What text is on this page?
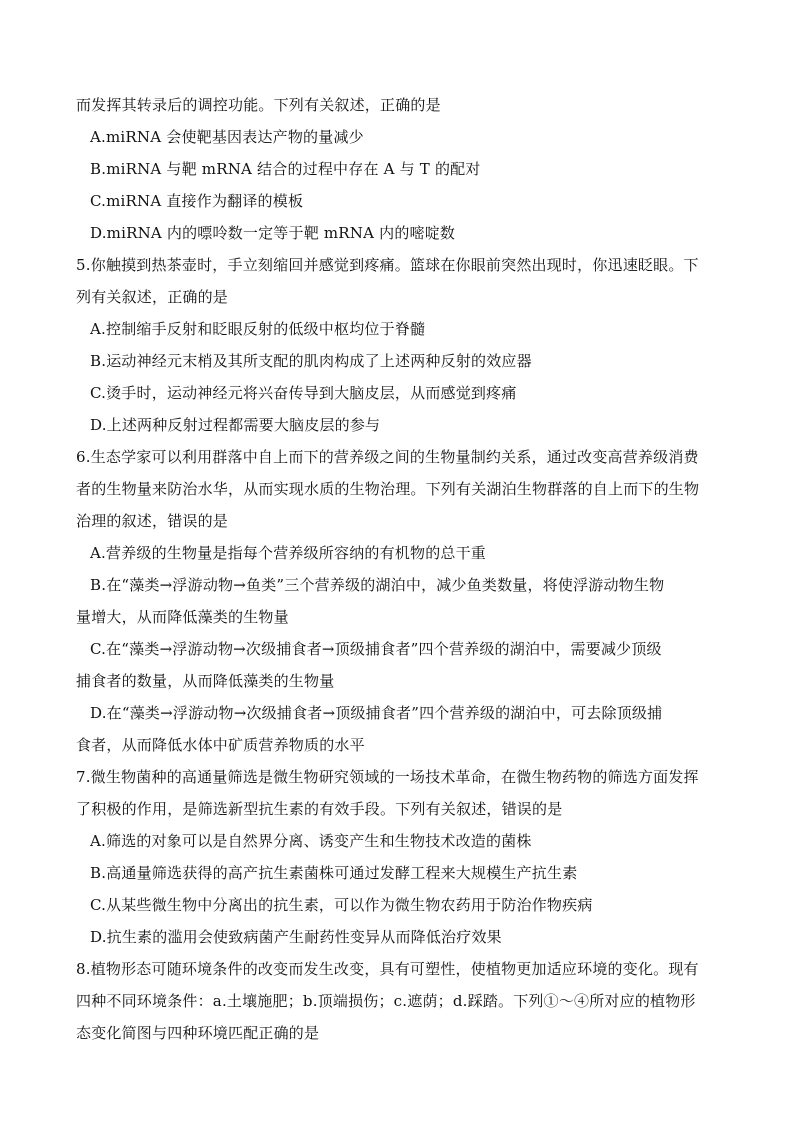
而发挥其转录后的调控功能。下列有关叙述，正确的是
A.miRNA 会使靶基因表达产物的量减少
B.miRNA 与靶 mRNA 结合的过程中存在 A 与 T 的配对
C.miRNA 直接作为翻译的模板
D.miRNA 内的嘌呤数一定等于靶 mRNA 内的嘧啶数
5.你触摸到热茶壶时，手立刻缩回并感觉到疼痛。篮球在你眼前突然出现时，你迅速眨眼。下
列有关叙述，正确的是
A.控制缩手反射和眨眼反射的低级中枢均位于脊髓
B.运动神经元末梢及其所支配的肌肉构成了上述两种反射的效应器
C.烫手时，运动神经元将兴奋传导到大脑皮层，从而感觉到疼痛
D.上述两种反射过程都需要大脑皮层的参与
6.生态学家可以利用群落中自上而下的营养级之间的生物量制约关系，通过改变高营养级消费
者的生物量来防治水华，从而实现水质的生物治理。下列有关湖泊生物群落的自上而下的生物
治理的叙述，错误的是
A.营养级的生物量是指每个营养级所容纳的有机物的总干重
B.在“藻类→浮游动物→鱼类”三个营养级的湖泊中，减少鱼类数量，将使浮游动物生物
量增大，从而降低藻类的生物量
C.在“藻类→浮游动物→次级捕食者→顶级捕食者”四个营养级的湖泊中，需要减少顶级
捕食者的数量，从而降低藻类的生物量
D.在“藻类→浮游动物→次级捕食者→顶级捕食者”四个营养级的湖泊中，可去除顶级捕
食者，从而降低水体中矿质营养物质的水平
7.微生物菌种的高通量筛选是微生物研究领域的一场技术革命，在微生物药物的筛选方面发挥
了积极的作用，是筛选新型抗生素的有效手段。下列有关叙述，错误的是
A.筛选的对象可以是自然界分离、诱变产生和生物技术改造的菌株
B.高通量筛选获得的高产抗生素菌株可通过发酵工程来大规模生产抗生素
C.从某些微生物中分离出的抗生素，可以作为微生物农药用于防治作物疾病
D.抗生素的滥用会使致病菌产生耐药性变异从而降低治疗效果
8.植物形态可随环境条件的改变而发生改变，具有可塑性，使植物更加适应环境的变化。现有
四种不同环境条件：a.土壤施肥；b.顶端损伤；c.遮荫；d.踩踏。下列①～④所对应的植物形
态变化简图与四种环境匹配正确的是
